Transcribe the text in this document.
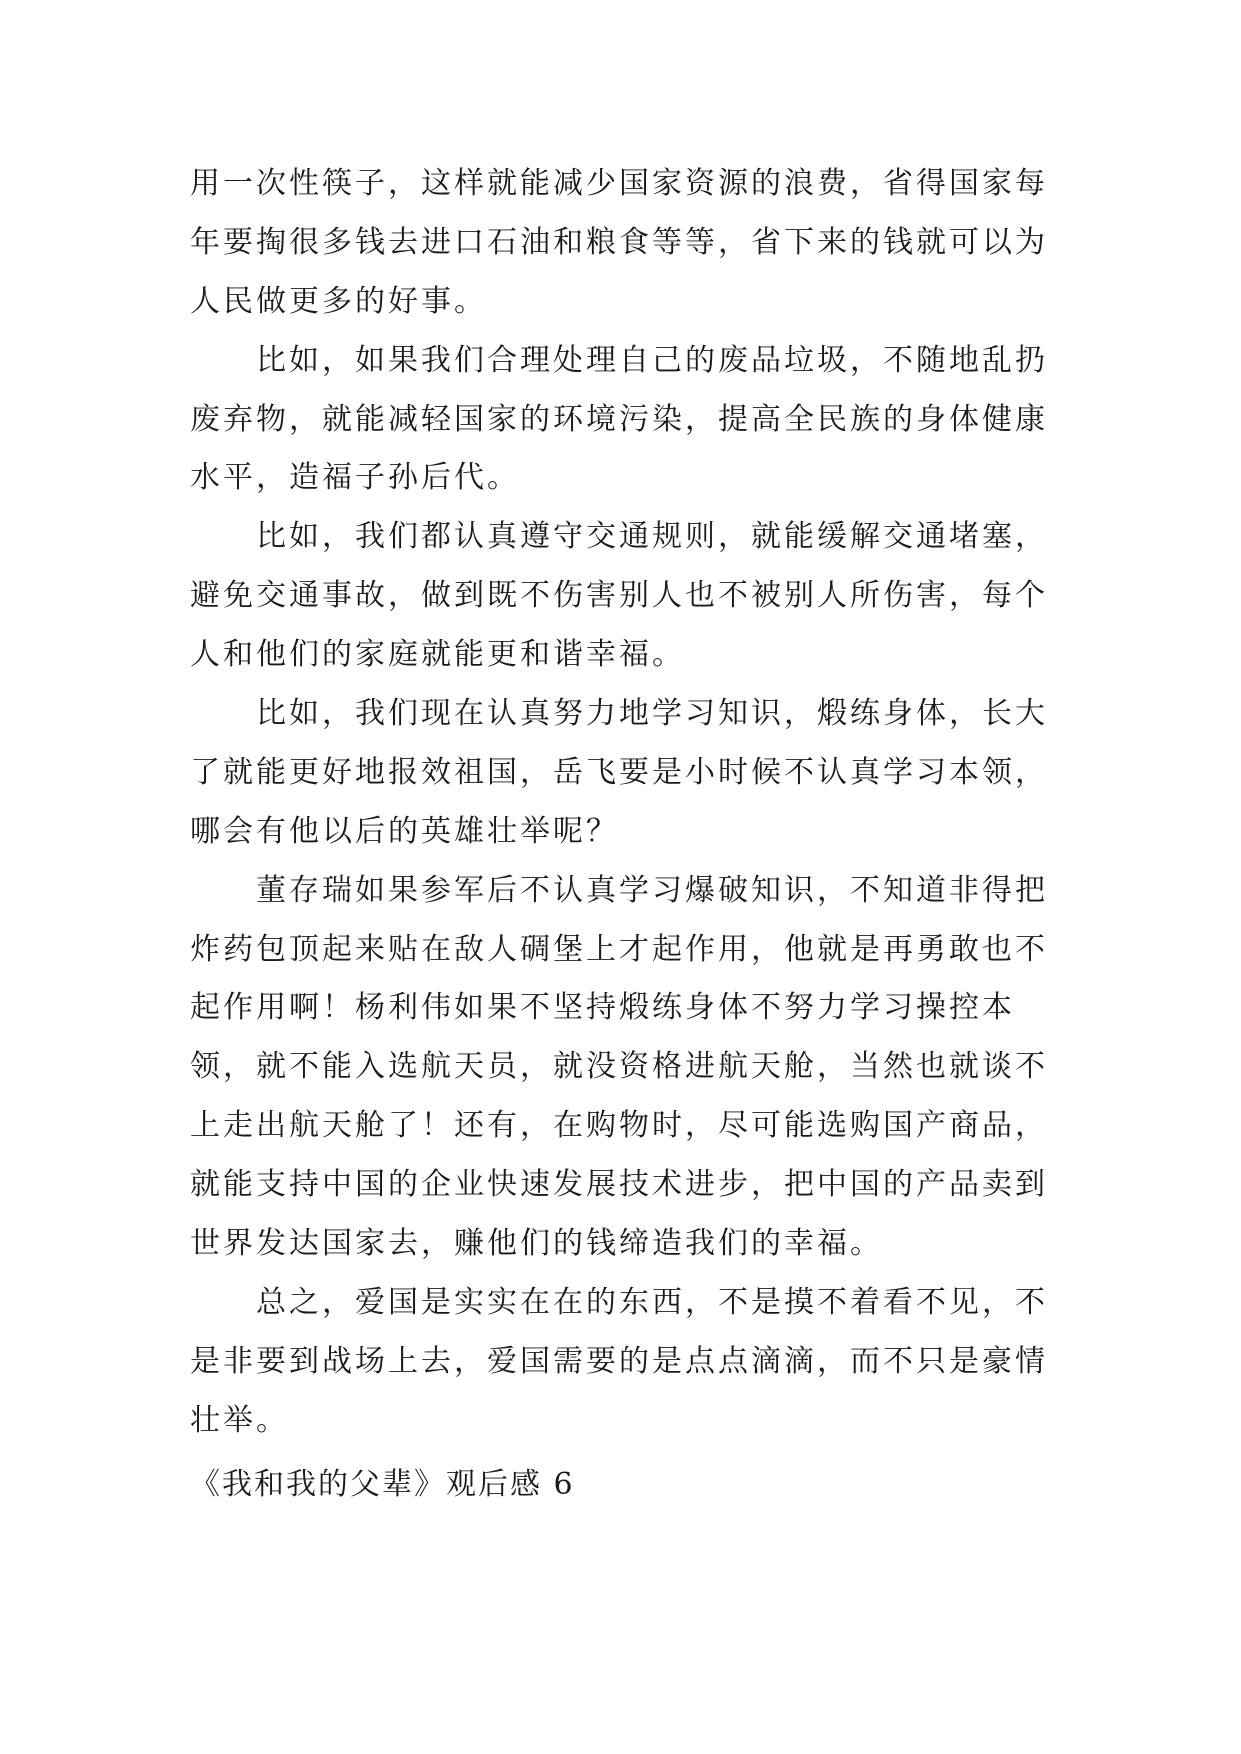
用一次性筷子，这样就能减少国家资源的浪费，省得国家每
年要掏很多钱去进口石油和粮食等等，省下来的钱就可以为
人民做更多的好事。
　　比如，如果我们合理处理自己的废品垃圾，不随地乱扔
废弃物，就能减轻国家的环境污染，提高全民族的身体健康
水平，造福子孙后代。
　　比如，我们都认真遵守交通规则，就能缓解交通堵塞，
避免交通事故，做到既不伤害别人也不被别人所伤害，每个
人和他们的家庭就能更和谐幸福。
　　比如，我们现在认真努力地学习知识，煅练身体，长大
了就能更好地报效祖国，岳飞要是小时候不认真学习本领，
哪会有他以后的英雄壮举呢？
　　董存瑞如果参军后不认真学习爆破知识，不知道非得把
炸药包顶起来贴在敌人碉堡上才起作用，他就是再勇敢也不
起作用啊！杨利伟如果不坚持煅练身体不努力学习操控本
领，就不能入选航天员，就没资格进航天舱，当然也就谈不
上走出航天舱了！还有，在购物时，尽可能选购国产商品，
就能支持中国的企业快速发展技术进步，把中国的产品卖到
世界发达国家去，赚他们的钱缔造我们的幸福。
　　总之，爱国是实实在在的东西，不是摸不着看不见，不
是非要到战场上去，爱国需要的是点点滴滴，而不只是豪情
壮举。
《我和我的父辈》观后感 6
